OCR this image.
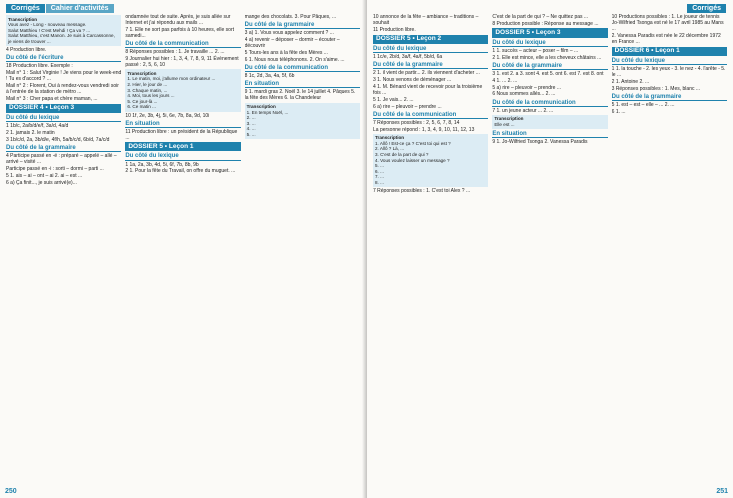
Corrigés	Cahier d'activités
Transcription
Vous avez - Long - nouveau message.
Salut Matthieu ! C'est Mehdi ! Ça va ? ...
Salut Matthieu, c'est Manon. Je suis à Carcassonne, je viens de trouver ...

4 Production libre.

Du côté de l'écriture

18 Production libre. Exemple :

Mail n° 1 : Salut Virginie ! Je viens pour le week-end ! Tu es d'accord ? ...

Mail n° 2 : Florent, Oui à rendez-vous vendredi soir à l'entrée de la station de métro ...

Mail n° 3 : Cher papa et chère maman, ...

DOSSIER 4 • Leçon 3
Du côté du lexique

1 1b/c, 2a/b/d/e/f, 3a/d, 4a/d

2 1. jamais 2. le matin

3 1b/c/d, 2a, 3b/d/e, 4f/h, 5a/b/c/d, 6b/d, 7a/c/d

Du côté de la grammaire

4 Participe passé en -é : préparé – appelé – allé – arrivé – visité ...

Participe passé en -i : sorti – dormi – parti ...

5 1. ais – ai – ont – ai 2. ai – est ...

6 a) Ça finit..., je suis arrivé(e)...

ondamnée tout de suite. Après, je suis allée sur Internet et j'ai répondu aux mails ...

7 1. Elle ne sort pas parfois à 10 heures, elle sort samedi...

Du côté de la communication

8 Réponses possibles : 1. Je travaille ... 2. ...

9 Journalier hui hier : 1, 3, 4, 7, 8, 9, 11 Évènement passé : 2, 5, 6, 10

Transcription
1. Le matin, moi, j'allume mon ordinateur ...
2. Hier, le jour de ...
3. Chaque matin, ...
4. Moi, tous les jours ...
5. Ce jour-là ...
6. Ce matin ...

10 1f, 2e, 3b, 4j, 5i, 6e, 7b, 8a, 9d, 10i

En situation

11 Production libre : un président de la République ...

DOSSIER 5 • Leçon 1
Du côté du lexique

1 1a, 2a, 3b, 4d, 5i, 6f, 7b, 8b, 9b

2 1. Pour la fête du Travail, on offre du muguet. ...

mange des chocolats. 3. Pour Pâques, ...

Du côté de la grammaire

3 a) 1. Vous vous appelez comment ? ...

4 a) revenir – déposer – dormir – écouter – découvrir

5 Tours-les ans à la fête des Mères ...

6 1. Nous nous téléphonons. 2. On s'aime. ...

Du côté de la communication

8 1c, 2d, 3a, 4a, 5f, 6b

En situation

9 1. mardi gras 2. Noël 3. le 14 juillet 4. Pâques 5. la fête des Mères 6. la Chandeleur

Transcription
1. En temps Noël, ...
2. ...
3. ...
4. ...
5. ...
250
Corrigés

10 annonce de la fête – ambiance – traditions – souhait

11 Production libre.

DOSSIER 5 • Leçon 2
Du côté du lexique

1 1c/e, 2b/d, 3a/f, 4a/f, 5b/d, 6a

Du côté de la grammaire

2 1. il vient de partir... 2. ils viennent d'acheter ...

3 1. Nous venons de déménager ...

4 1. M. Bénard vient de recevoir pour la troisième fois ...

5 1. Je vais... 2. ...

6 a) rire – pleuvoir – prendre ...

Du côté de la communication

7 Réponses possibles : 2, 5, 6, 7, 8, 14

La personne répond : 1, 3, 4, 9, 10, 11, 12, 13

Transcription
1. Allô ! Est-ce ça ? C'est toi qui est ?
2. Allô ? Là, ...
3. C'est de la part de qui ?
4. Vous voulez laisser un message ?
5. ...
6. ...
7. ...
8. ...

7 Réponses possibles : 1. C'est toi Alex ? ...

C'est de la part de qui ? – Ne quittez pas ...

8 Production possible : Réponse au message ...

DOSSIER 5 • Leçon 3
Du côté du lexique

1 1. succès – acteur – poser – film – ...

2 1. Elle est mince, elle a les cheveux châtains ...

Du côté de la grammaire

3 1. est 2. a 3. sont 4. est 5. ont 6. est 7. est 8. ont

4 1. ... 2. ...

5 a) rire – pleuvoir – prendre ...

6 Nous sommes allés... 2. ...

Du côté de la communication

7 1. un jeune acteur ... 2. ...

Transcription
Elle est ...
En situation

9 1. Jo-Wilfried Tsonga 2. Vanessa Paradis

10 Productions possibles : 1. Le joueur de tennis Jo-Wilfried Tsonga est né le 17 avril 1985 au Mans ...

2. Vanessa Paradis est née le 22 décembre 1972 en France ...

DOSSIER 6 • Leçon 1
Du côté du lexique

1 1. la touche - 2. les yeux - 3. le nez - 4. l'arête - 5. le ...

2 1. Antoine 2. ...

3 Réponses possibles : 1. Mes, blanc ...

Du côté de la grammaire

5 1. est – est – elle – ... 2. ...

6 1. ...

251
